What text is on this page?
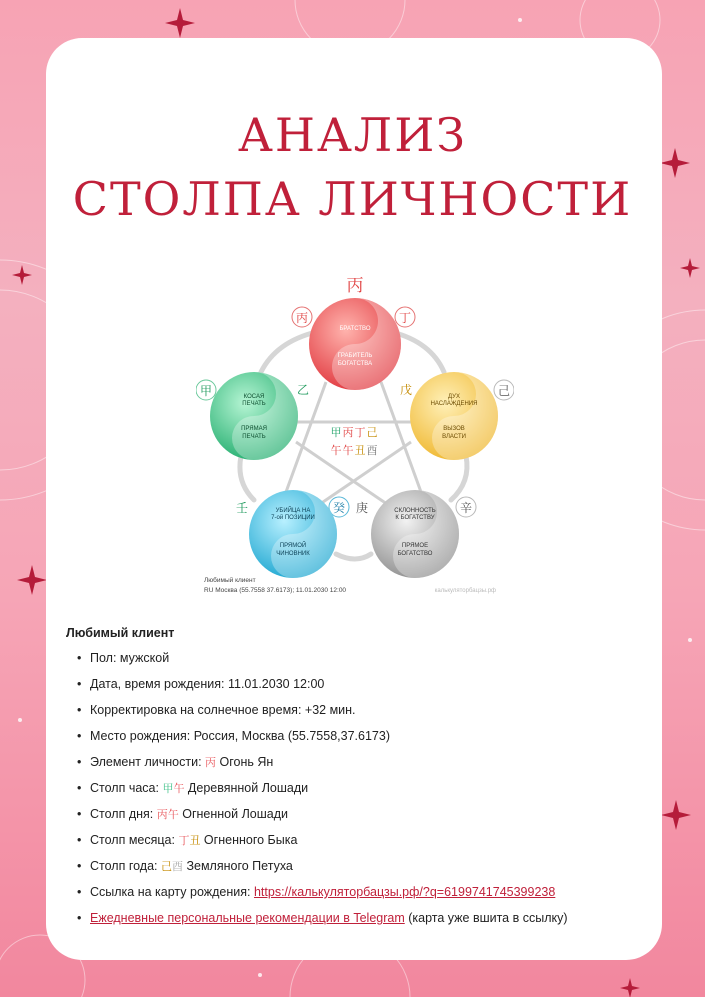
АНАЛИЗ
СТОЛПА ЛИЧНОСТИ
丙
丙	丁
戊	己
甲	乙
壬	癸 庚	辛
甲 丙 丁 己
午 午 丑 酉
БРАТСТВО
ГРАБИТЕЛЬ
БОГАТСТВА
ДУХ
НАСЛАЖДЕНИЯ
ВЫЗОВ
ВЛАСТИ
СКЛОННОСТЬ
К БОГАТСТВУ
ПРЯМОЕ
БОГАТСТВО
УБИЙЦА НА
7-ой ПОЗИЦИИ
ПРЯМОЙ
ЧИНОВНИК
КОСАЯ
ПЕЧАТЬ
ПРЯМАЯ
ПЕЧАТЬ
Любимый клиент
RU Москва (55.7558 37.6173); 11.01.2030 12:00	калькуляторбацзы.рф
Любимый клиент
• Пол: мужской
• Дата, время рождения: 11.01.2030 12:00
• Корректировка на солнечное время: +32 мин.
• Место рождения: Россия, Москва (55.7558,37.6173)
• Элемент личности: 丙 Огонь Ян
• Столп часа: 甲午 Деревянной Лошади
• Столп дня: 丙午 Огненной Лошади
• Столп месяца: 丁丑 Огненного Быка
• Столп года: 己酉 Земляного Петуха
• Ссылка на карту рождения: https://калькуляторбацзы.рф/?q=6199741745399238
• Ежедневные персональные рекомендации в Telegram (карта уже вшита в ссылку)
